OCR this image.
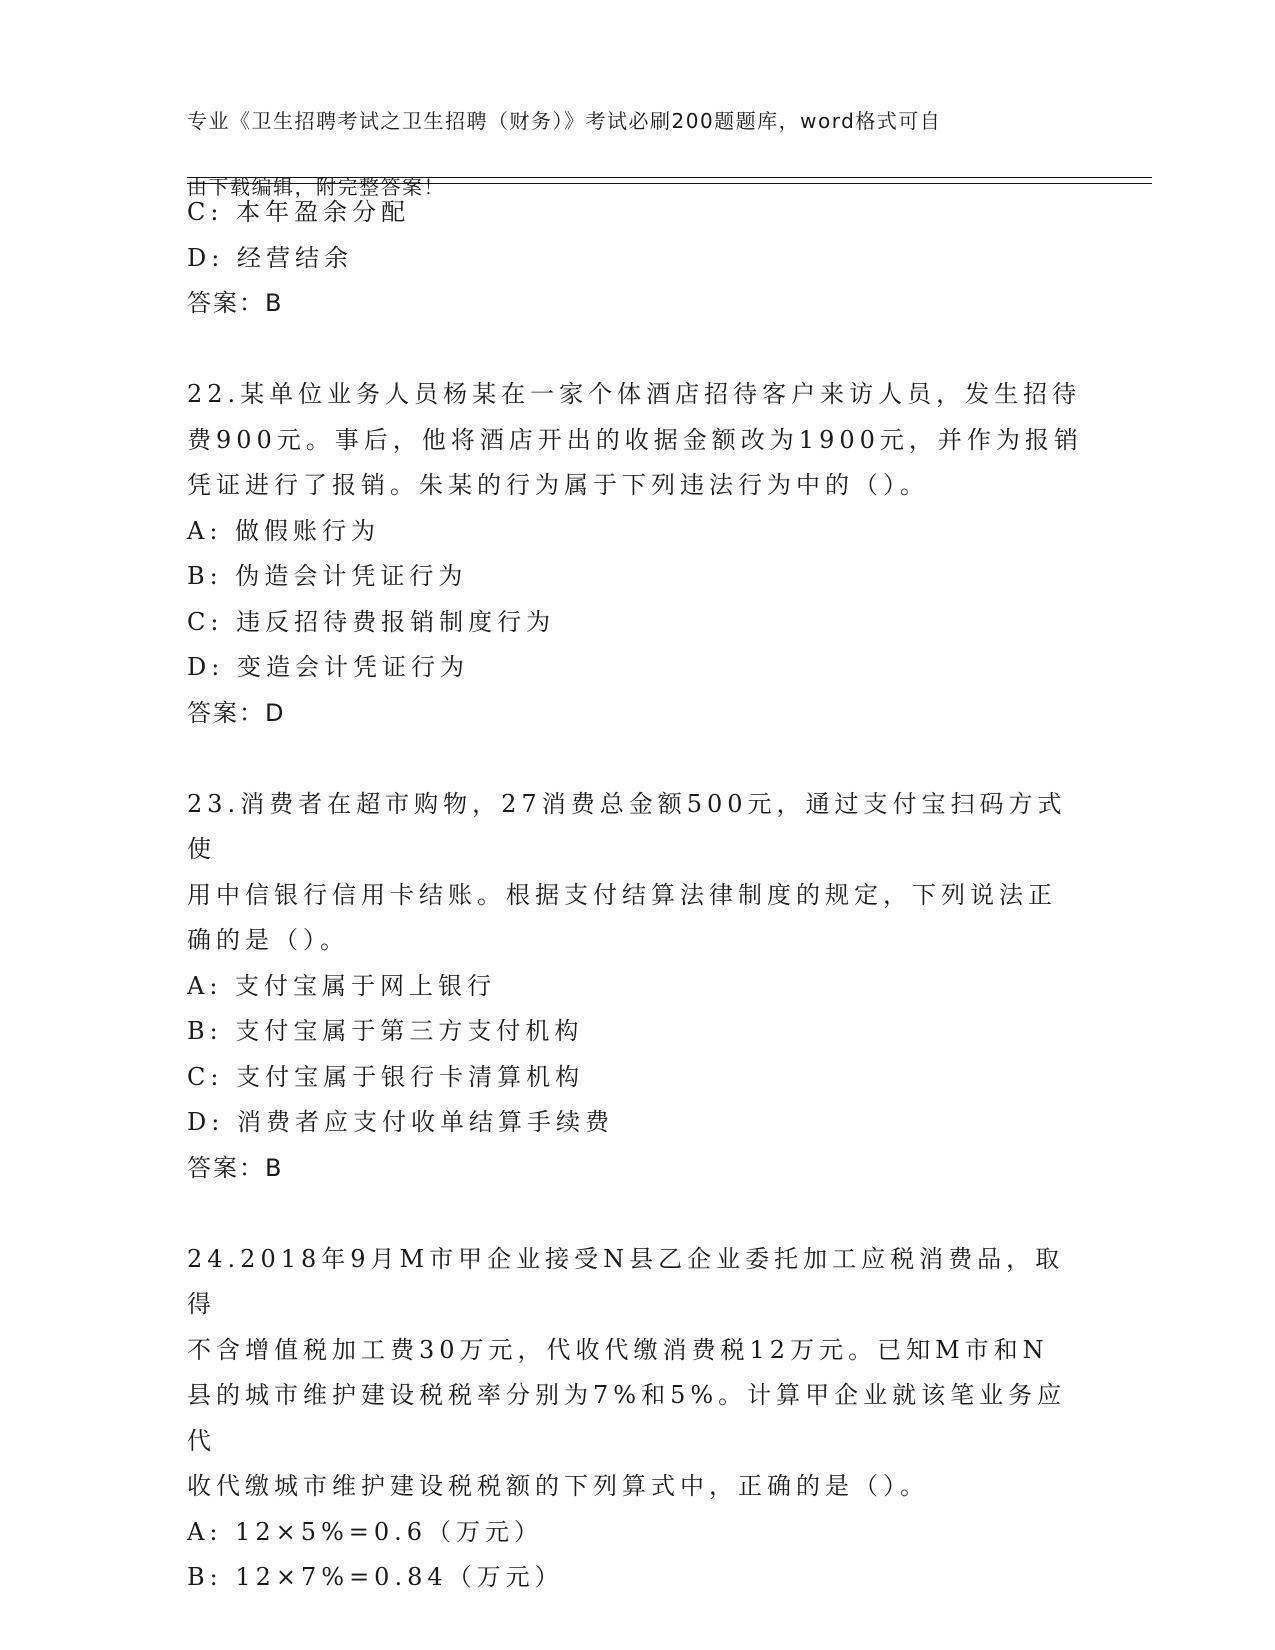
专业《卫生招聘考试之卫生招聘（财务）》考试必刷200题题库，word格式可自

由下载编辑，附完整答案！

C: 本年盈余分配
D: 经营结余
答案：B
22.某单位业务人员杨某在一家个体酒店招待客户来访人员，发生招待
费900元。事后，他将酒店开出的收据金额改为1900元，并作为报销
凭证进行了报销。朱某的行为属于下列违法行为中的（）。
A: 做假账行为
B: 伪造会计凭证行为
C: 违反招待费报销制度行为
D: 变造会计凭证行为
答案：D
23.消费者在超市购物，27消费总金额500元，通过支付宝扫码方式使
用中信银行信用卡结账。根据支付结算法律制度的规定，下列说法正
确的是（）。
A: 支付宝属于网上银行
B: 支付宝属于第三方支付机构
C: 支付宝属于银行卡清算机构
D: 消费者应支付收单结算手续费
答案：B
24.2018年9月M市甲企业接受N县乙企业委托加工应税消费品，取得
不含增值税加工费30万元，代收代缴消费税12万元。已知M市和N
县的城市维护建设税税率分别为7%和5%。计算甲企业就该笔业务应代
收代缴城市维护建设税税额的下列算式中，正确的是（）。
A: 12×5%=0.6（万元）
B: 12×7%=0.84（万元）
